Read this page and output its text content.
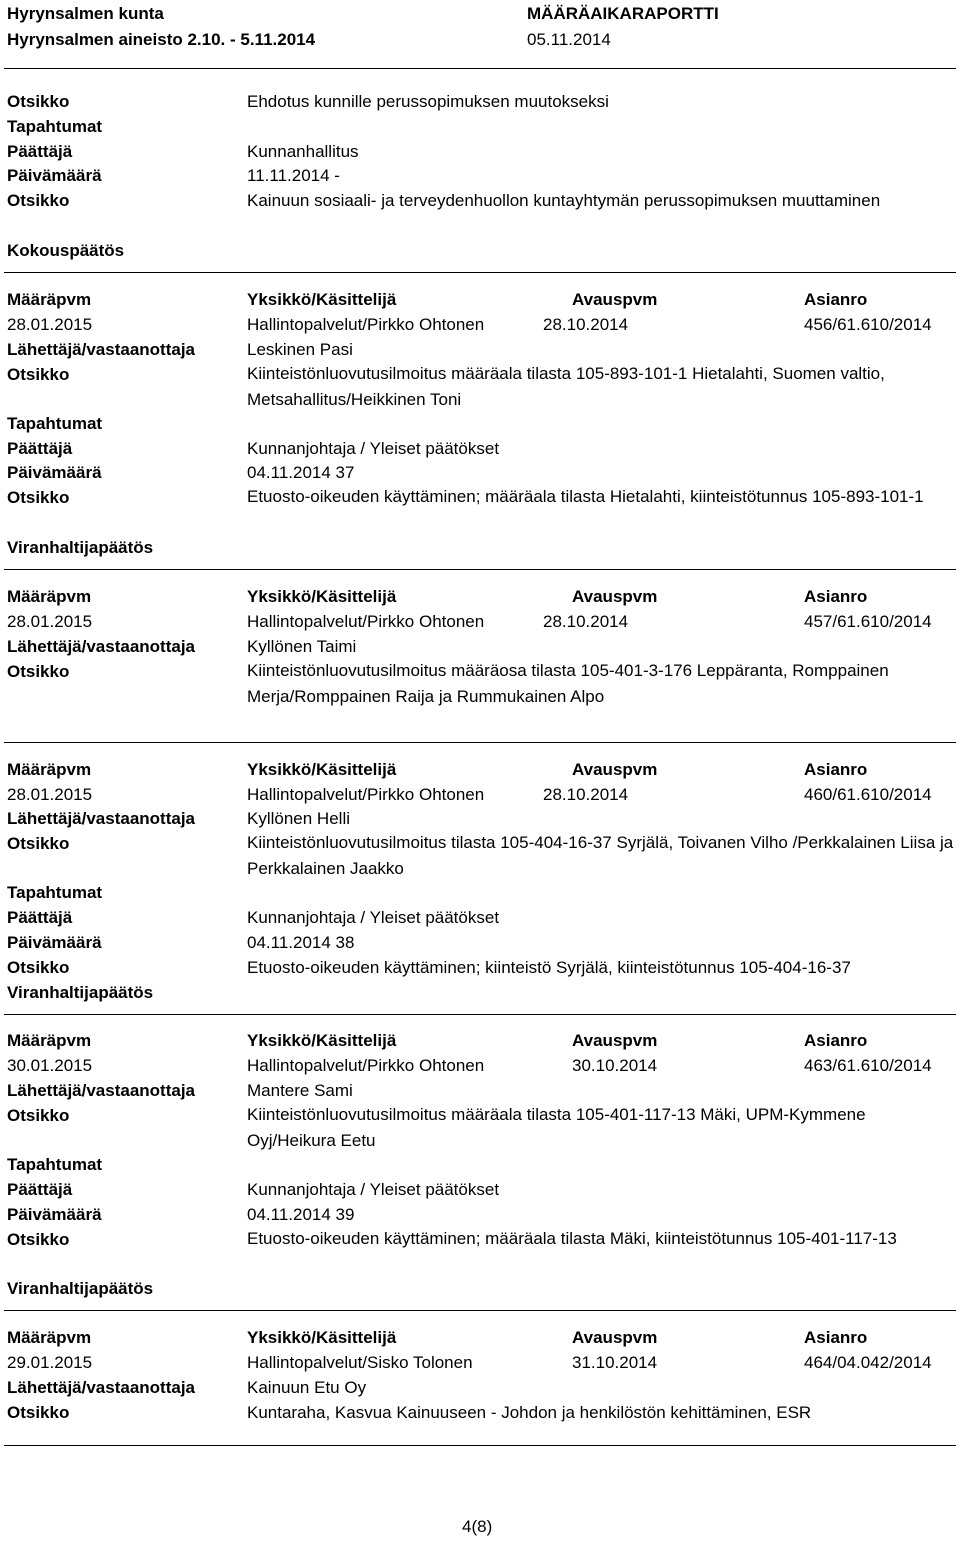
Hyrynsalmen kunta	MÄÄRÄAIKARAPORTTI
Hyrynsalmen aineisto 2.10. - 5.11.2014	05.11.2014
Otsikko	Ehdotus kunnille perussopimuksen muutokseksi
Tapahtumat
Päättäjä	Kunnanhallitus
Päivämäärä	11.11.2014 -
Otsikko	Kainuun sosiaali- ja terveydenhuollon kuntayhtymän perussopimuksen muuttaminen
Kokouspäätös
Määräpvm	Yksikkö/Käsittelijä	Avauspvm	Asianro
28.01.2015	Hallintopalvelut/Pirkko Ohtonen	28.10.2014	456/61.610/2014
Lähettäjä/vastaanottaja	Leskinen Pasi
Otsikko	Kiinteistönluovutusilmoitus määräala tilasta 105-893-101-1 Hietalahti, Suomen valtio, Metsahallitus/Heikkinen Toni
Tapahtumat
Päättäjä	Kunnanjohtaja / Yleiset päätökset
Päivämäärä	04.11.2014 37
Otsikko	Etuosto-oikeuden käyttäminen; määräala tilasta Hietalahti, kiinteistötunnus 105-893-101-1
Viranhaltijapäätös
Määräpvm	Yksikkö/Käsittelijä	Avauspvm	Asianro
28.01.2015	Hallintopalvelut/Pirkko Ohtonen	28.10.2014	457/61.610/2014
Lähettäjä/vastaanottaja	Kyllönen Taimi
Otsikko	Kiinteistönluovutusilmoitus määräosa tilasta 105-401-3-176 Leppäranta, Romppainen Merja/Romppainen Raija ja Rummukainen Alpo
Määräpvm	Yksikkö/Käsittelijä	Avauspvm	Asianro
28.01.2015	Hallintopalvelut/Pirkko Ohtonen	28.10.2014	460/61.610/2014
Lähettäjä/vastaanottaja	Kyllönen Helli
Otsikko	Kiinteistönluovutusilmoitus tilasta 105-404-16-37 Syrjälä, Toivanen Vilho /Perkkalainen Liisa ja Perkkalainen Jaakko
Tapahtumat
Päättäjä	Kunnanjohtaja / Yleiset päätökset
Päivämäärä	04.11.2014 38
Otsikko	Etuosto-oikeuden käyttäminen; kiinteistö Syrjälä, kiinteistötunnus 105-404-16-37
Viranhaltijapäätös
Määräpvm	Yksikkö/Käsittelijä	Avauspvm	Asianro
30.01.2015	Hallintopalvelut/Pirkko Ohtonen	30.10.2014	463/61.610/2014
Lähettäjä/vastaanottaja	Mantere Sami
Otsikko	Kiinteistönluovutusilmoitus määräala tilasta 105-401-117-13 Mäki, UPM-Kymmene Oyj/Heikura Eetu
Tapahtumat
Päättäjä	Kunnanjohtaja / Yleiset päätökset
Päivämäärä	04.11.2014 39
Otsikko	Etuosto-oikeuden käyttäminen; määräala tilasta Mäki, kiinteistötunnus 105-401-117-13
Viranhaltijapäätös
Määräpvm	Yksikkö/Käsittelijä	Avauspvm	Asianro
29.01.2015	Hallintopalvelut/Sisko Tolonen	31.10.2014	464/04.042/2014
Lähettäjä/vastaanottaja	Kainuun Etu Oy
Otsikko	Kuntaraha, Kasvua Kainuuseen - Johdon ja henkilöstön kehittäminen, ESR
4(8)
